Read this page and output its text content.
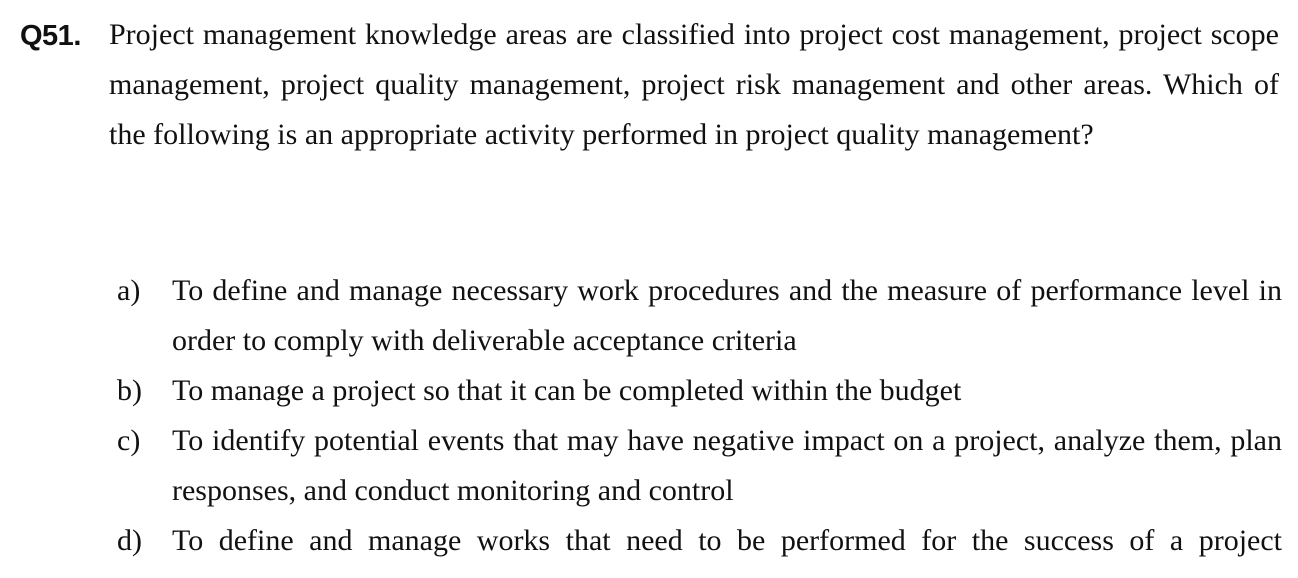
Q51. Project management knowledge areas are classified into project cost management, project scope management, project quality management, project risk management and other areas. Which of the following is an appropriate activity performed in project quality management?

a) To define and manage necessary work procedures and the measure of performance level in order to comply with deliverable acceptance criteria
b) To manage a project so that it can be completed within the budget
c) To identify potential events that may have negative impact on a project, analyze them, plan responses, and conduct monitoring and control
d) To define and manage works that need to be performed for the success of a project
